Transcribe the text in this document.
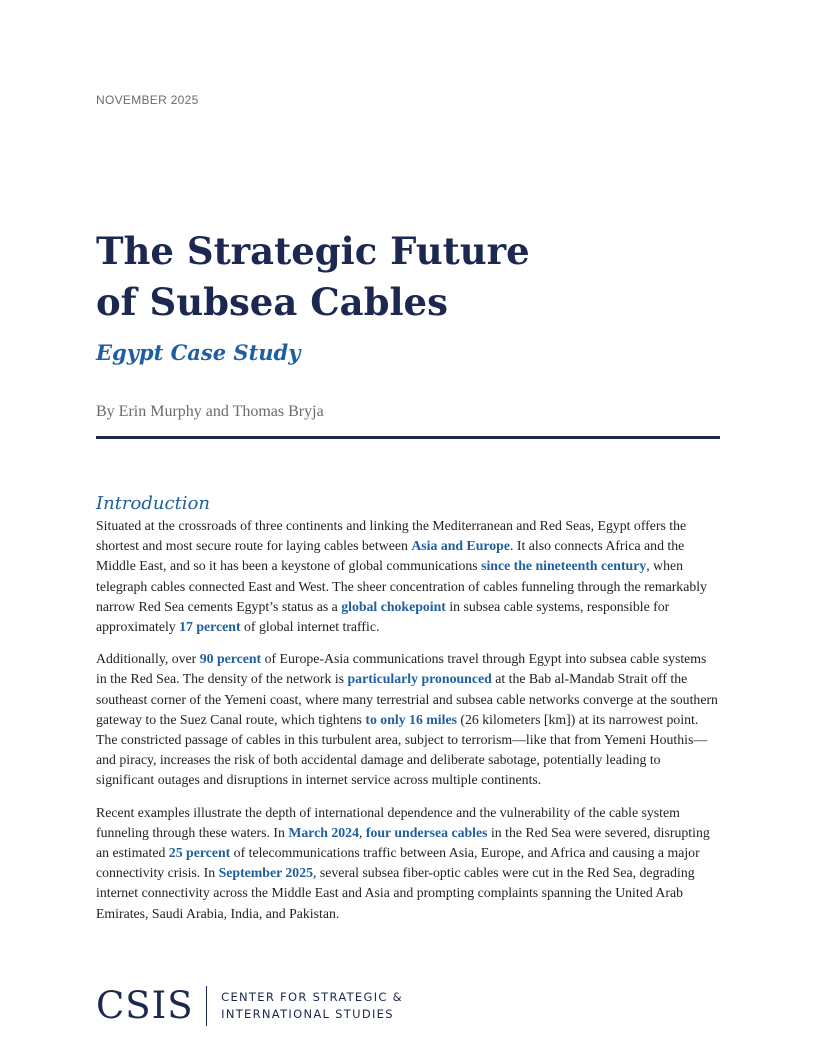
NOVEMBER 2025
The Strategic Future
of Subsea Cables
Egypt Case Study
By Erin Murphy and Thomas Bryja
Introduction

Situated at the crossroads of three continents and linking the Mediterranean and Red Seas, Egypt offers the shortest and most secure route for laying cables between Asia and Europe. It also connects Africa and the Middle East, and so it has been a keystone of global communications since the nineteenth century, when telegraph cables connected East and West. The sheer concentration of cables funneling through the remarkably narrow Red Sea cements Egypt’s status as a global chokepoint in subsea cable systems, responsible for approximately 17 percent of global internet traffic.

Additionally, over 90 percent of Europe-Asia communications travel through Egypt into subsea cable systems in the Red Sea. The density of the network is particularly pronounced at the Bab al-Mandab Strait off the southeast corner of the Yemeni coast, where many terrestrial and subsea cable networks converge at the southern gateway to the Suez Canal route, which tightens to only 16 miles (26 kilometers [km]) at its narrowest point. The constricted passage of cables in this turbulent area, subject to terrorism—like that from Yemeni Houthis—and piracy, increases the risk of both accidental damage and deliberate sabotage, potentially leading to significant outages and disruptions in internet service across multiple continents.

Recent examples illustrate the depth of international dependence and the vulnerability of the cable system funneling through these waters. In March 2024, four undersea cables in the Red Sea were severed, disrupting an estimated 25 percent of telecommunications traffic between Asia, Europe, and Africa and causing a major connectivity crisis. In September 2025, several subsea fiber-optic cables were cut in the Red Sea, degrading internet connectivity across the Middle East and Asia and prompting complaints spanning the United Arab Emirates, Saudi Arabia, India, and Pakistan.

CSIS CENTER FOR STRATEGIC &
INTERNATIONAL STUDIES
